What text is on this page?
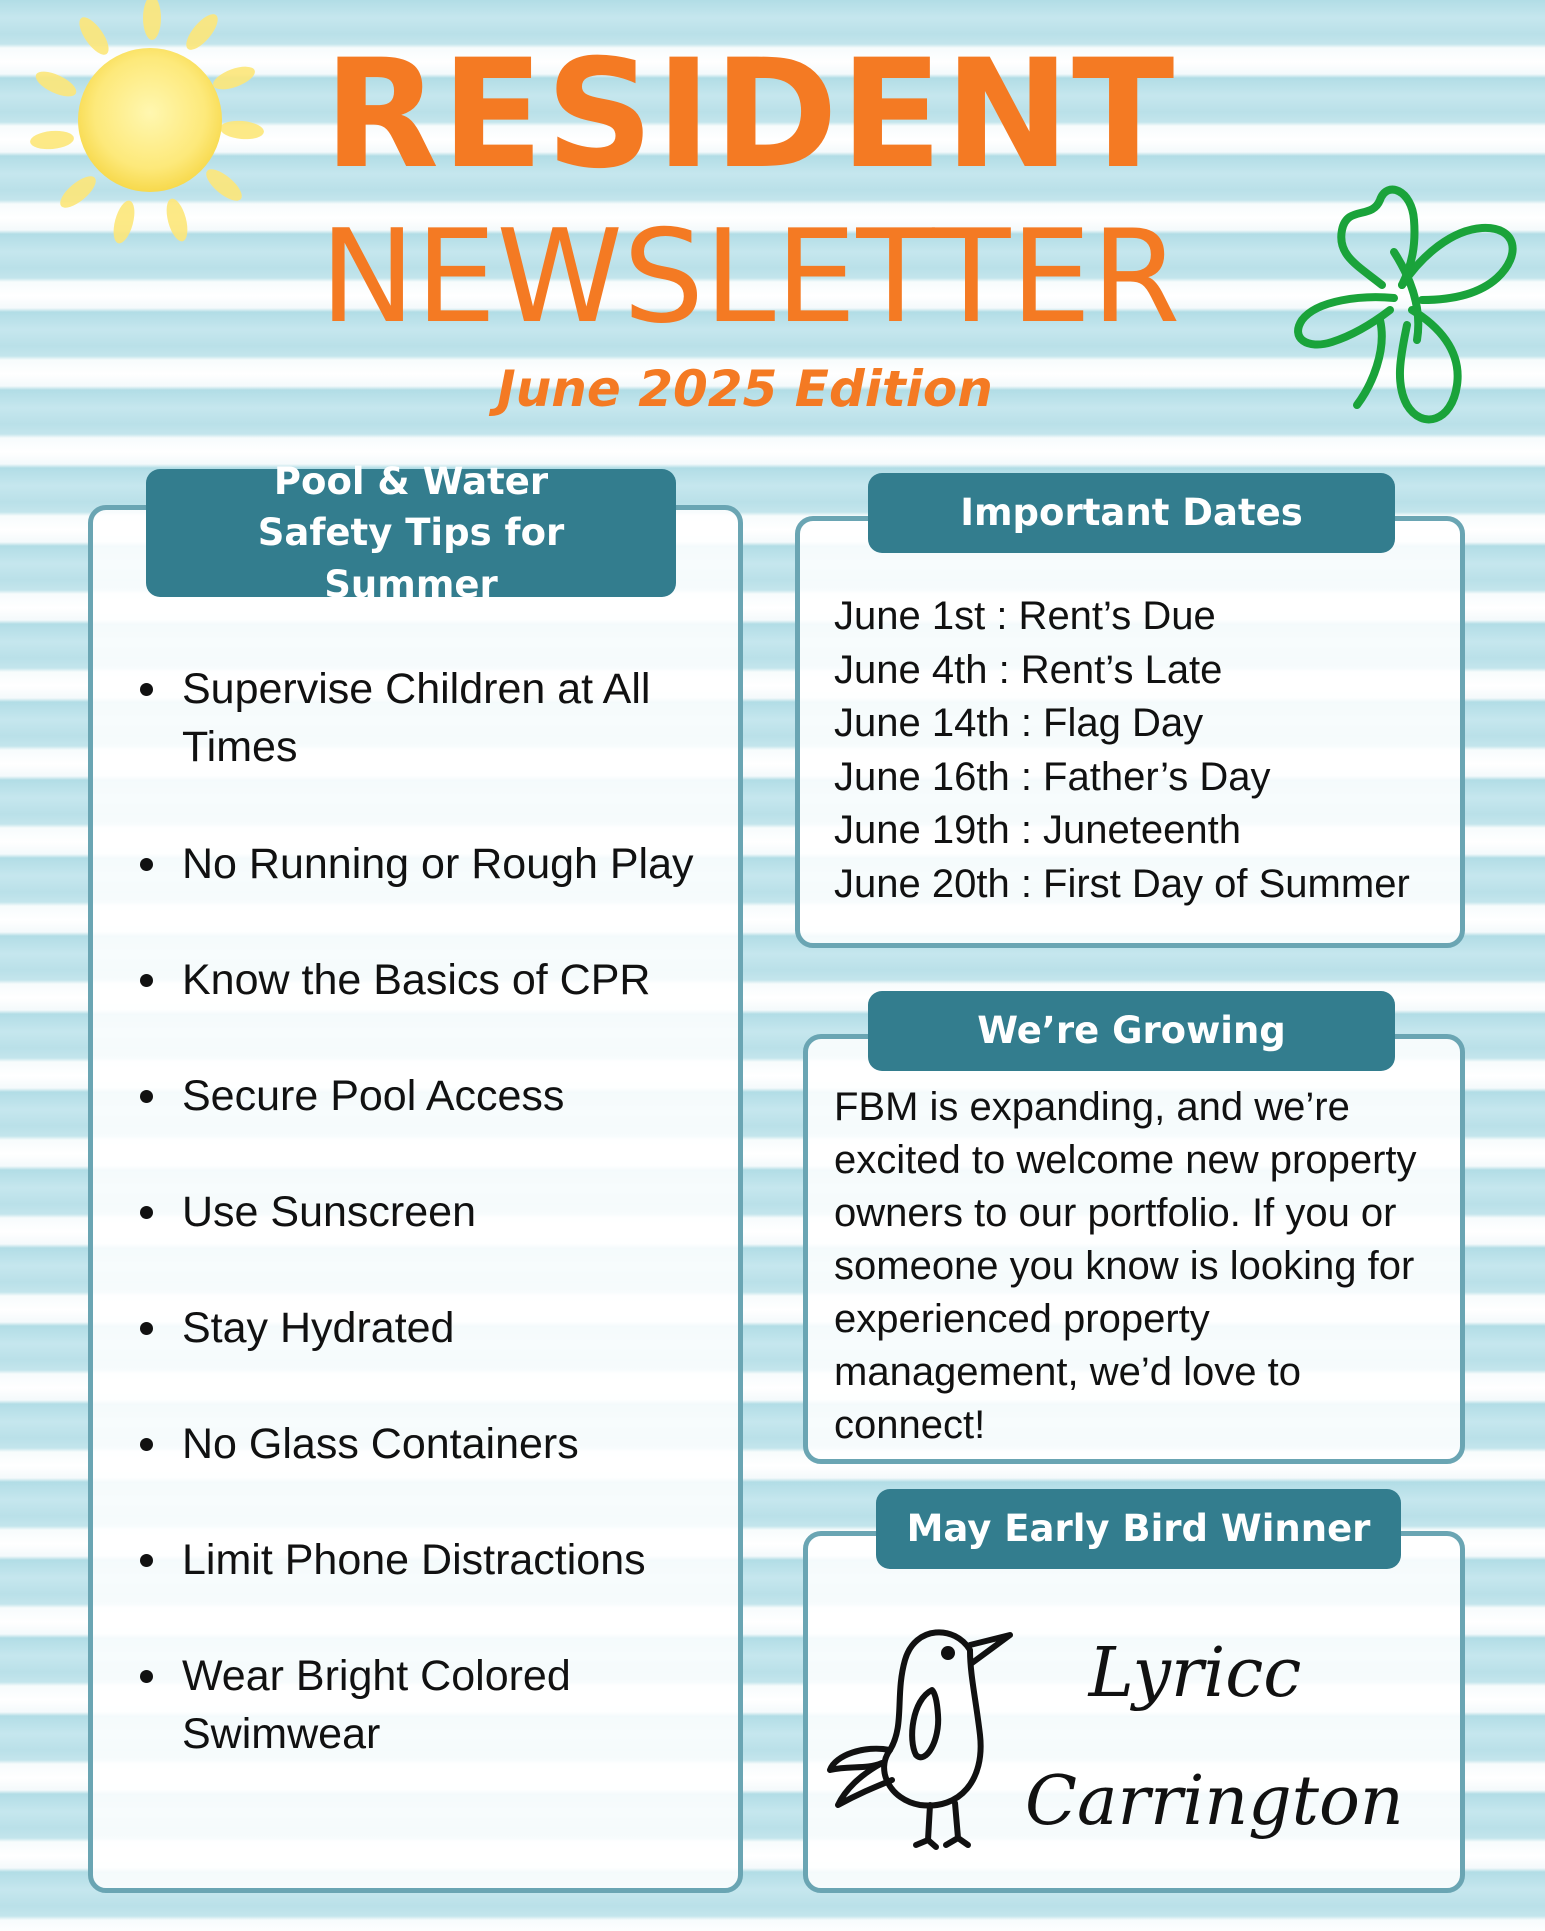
RESIDENT
NEWSLETTER
June 2025 Edition
Pool & Water Safety Tips for Summer
Supervise Children at All Times
No Running or Rough Play
Know the Basics of CPR
Secure Pool Access
Use Sunscreen
Stay Hydrated
No Glass Containers
Limit Phone Distractions
Wear Bright Colored Swimwear
Important Dates
June 1st : Rent’s Due
June 4th : Rent’s Late
June 14th : Flag Day
June 16th : Father’s Day
June 19th : Juneteenth
June 20th : First Day of Summer
We’re Growing
FBM is expanding, and we’re excited to welcome new property owners to our portfolio. If you or someone you know is looking for experienced property management, we’d love to connect!
May Early Bird Winner
Lyricc
Carrington
